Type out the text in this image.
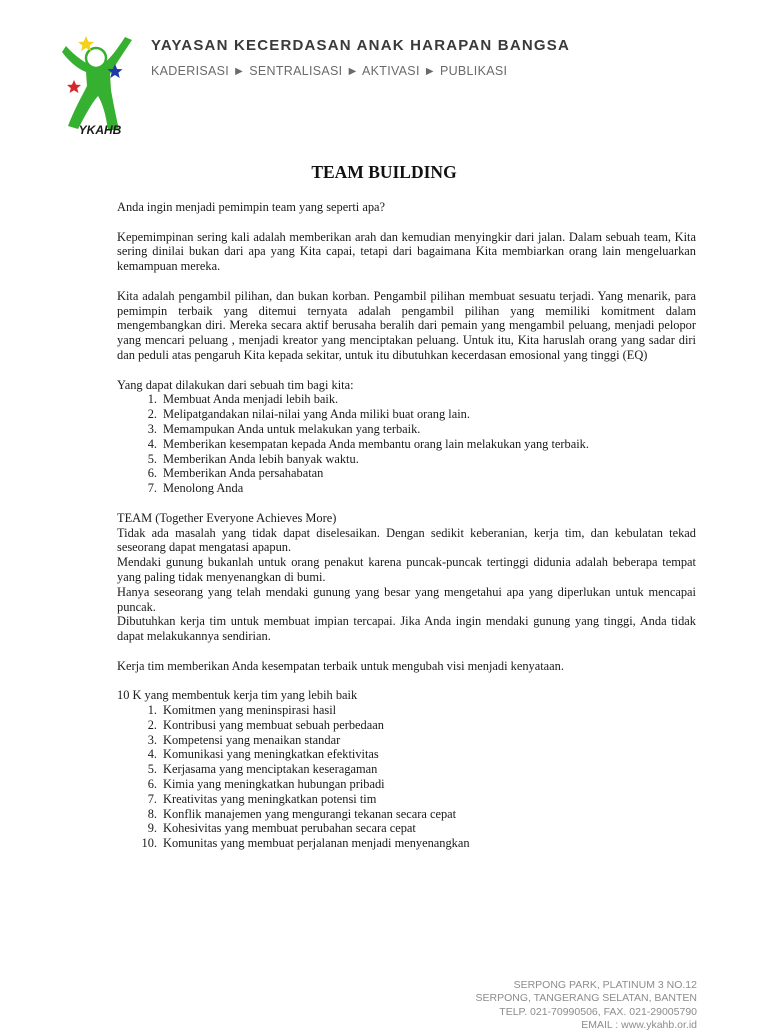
YKAHB
YAYASAN KECERDASAN ANAK HARAPAN BANGSA
KADERISASI ► SENTRALISASI ► AKTIVASI ► PUBLIKASI
TEAM BUILDING

Anda ingin menjadi pemimpin team yang seperti apa?

Kepemimpinan sering kali adalah memberikan arah dan kemudian menyingkir dari jalan. Dalam sebuah team, Kita sering dinilai bukan dari apa yang Kita capai, tetapi dari bagaimana Kita membiarkan orang lain mengeluarkan kemampuan mereka.

Kita adalah pengambil pilihan, dan bukan korban. Pengambil pilihan membuat sesuatu terjadi. Yang menarik, para pemimpin terbaik yang ditemui ternyata adalah pengambil pilihan yang memiliki komitment dalam mengembangkan diri. Mereka secara aktif berusaha beralih dari pemain yang mengambil peluang, menjadi pelopor yang mencari peluang , menjadi kreator yang menciptakan peluang. Untuk itu, Kita haruslah orang yang sadar diri dan peduli atas pengaruh Kita kepada sekitar, untuk itu dibutuhkan kecerdasan emosional yang tinggi (EQ)

Yang dapat dilakukan dari sebuah tim bagi kita:

1. Membuat Anda menjadi lebih baik.
2. Melipatgandakan nilai-nilai yang Anda miliki buat orang lain.
3. Memampukan Anda untuk melakukan yang terbaik.
4. Memberikan kesempatan kepada Anda membantu orang lain melakukan yang terbaik.
5. Memberikan Anda lebih banyak waktu.
6. Memberikan Anda persahabatan
7. Menolong Anda

TEAM (Together Everyone Achieves More)

Tidak ada masalah yang tidak dapat diselesaikan. Dengan sedikit keberanian, kerja tim, dan kebulatan tekad seseorang dapat mengatasi apapun.

Mendaki gunung bukanlah untuk orang penakut karena puncak-puncak tertinggi didunia adalah beberapa tempat yang paling tidak menyenangkan di bumi.

Hanya seseorang yang telah mendaki gunung yang besar yang mengetahui apa yang diperlukan untuk mencapai puncak.

Dibutuhkan kerja tim untuk membuat impian tercapai. Jika Anda ingin mendaki gunung yang tinggi, Anda tidak dapat melakukannya sendirian.

Kerja tim memberikan Anda kesempatan terbaik untuk mengubah visi menjadi kenyataan.

10 K yang membentuk kerja tim yang lebih baik

1. Komitmen yang meninspirasi hasil
2. Kontribusi yang membuat sebuah perbedaan
3. Kompetensi yang menaikan standar
4. Komunikasi yang meningkatkan efektivitas
5. Kerjasama yang menciptakan keseragaman
6. Kimia yang meningkatkan hubungan pribadi
7. Kreativitas yang meningkatkan potensi tim
8. Konflik manajemen yang mengurangi tekanan secara cepat
9. Kohesivitas yang membuat perubahan secara cepat
10. Komunitas yang membuat perjalanan menjadi menyenangkan
SERPONG PARK, PLATINUM 3 NO.12
SERPONG, TANGERANG SELATAN, BANTEN
TELP. 021-70990506, FAX. 021-29005790
EMAIL : www.ykahb.or.id
